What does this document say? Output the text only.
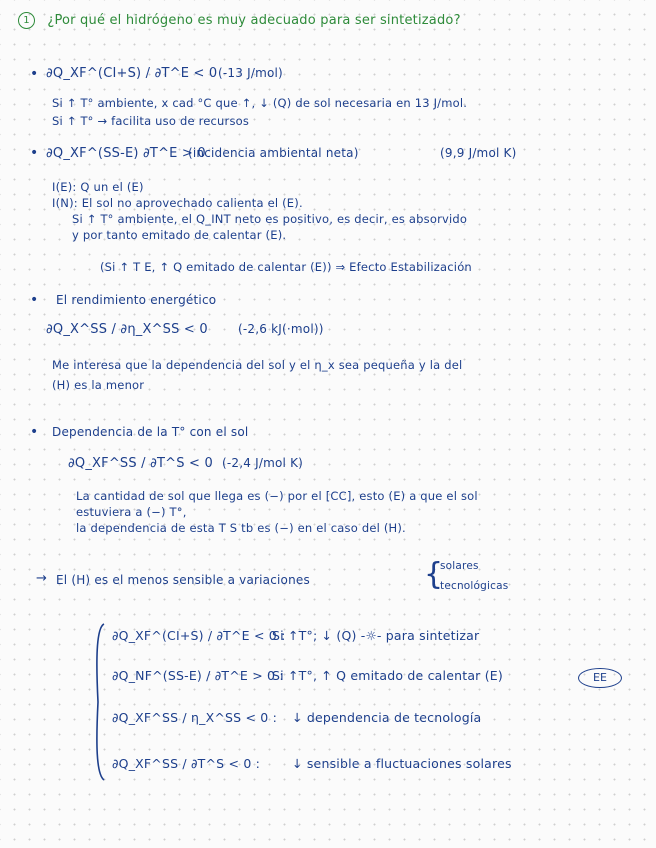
1 ¿Por qué el hidrógeno es muy adecuado para ser sintetizado?
• ∂Q_XF^(CI+S) / ∂T^E < 0 (-13 J/mol)
Si ↑ T° ambiente, x cad °C que ↑, ↓ (Q) de sol necesaria en 13 J/mol.
Si ↑ T° → facilita uso de recursos
• ∂Q_XF^(SS-E) ∂T^E > 0
(incidencia ambiental neta)	(9,9 J/mol K)
I(E): Q un el (E)
I(N): El sol no aprovechado calienta el (E).
Si ↑ T° ambiente, el Q_INT neto es positivo, es decir, es absorvido
y por tanto emitado de calentar (E).
(Si ↑ T E, ↑ Q emitado de calentar (E)) ⇒ Efecto Estabilización
• El rendimiento energético
∂Q_X^SS / ∂η_X^SS < 0	(-2,6 kJ(·mol))
Me interesa que la dependencia del sol y el η_x sea pequeña y la del
(H) es la menor
• Dependencia de la T° con el sol
∂Q_XF^SS / ∂T^S < 0 (-2,4 J/mol K)
La cantidad de sol que llega es (−) por el [CC], esto (E) a que el sol
estuviera a (−) T°,
la dependencia de esta T S tb es (−) en el caso del (H).
→ El (H) es el menos sensible a variaciones	{
solares
tecnológicas
∂Q_XF^(CI+S) / ∂T^E < 0 :
Si ↑T°; ↓ (Q) -☼- para sintetizar
∂Q_NF^(SS-E) / ∂T^E > 0 :
Si ↑T°, ↑ Q emitado de calentar (E)	EE
∂Q_XF^SS / η_X^SS < 0 : ↓ dependencia de tecnología
∂Q_XF^SS / ∂T^S < 0 :	↓ sensible a fluctuaciones solares
